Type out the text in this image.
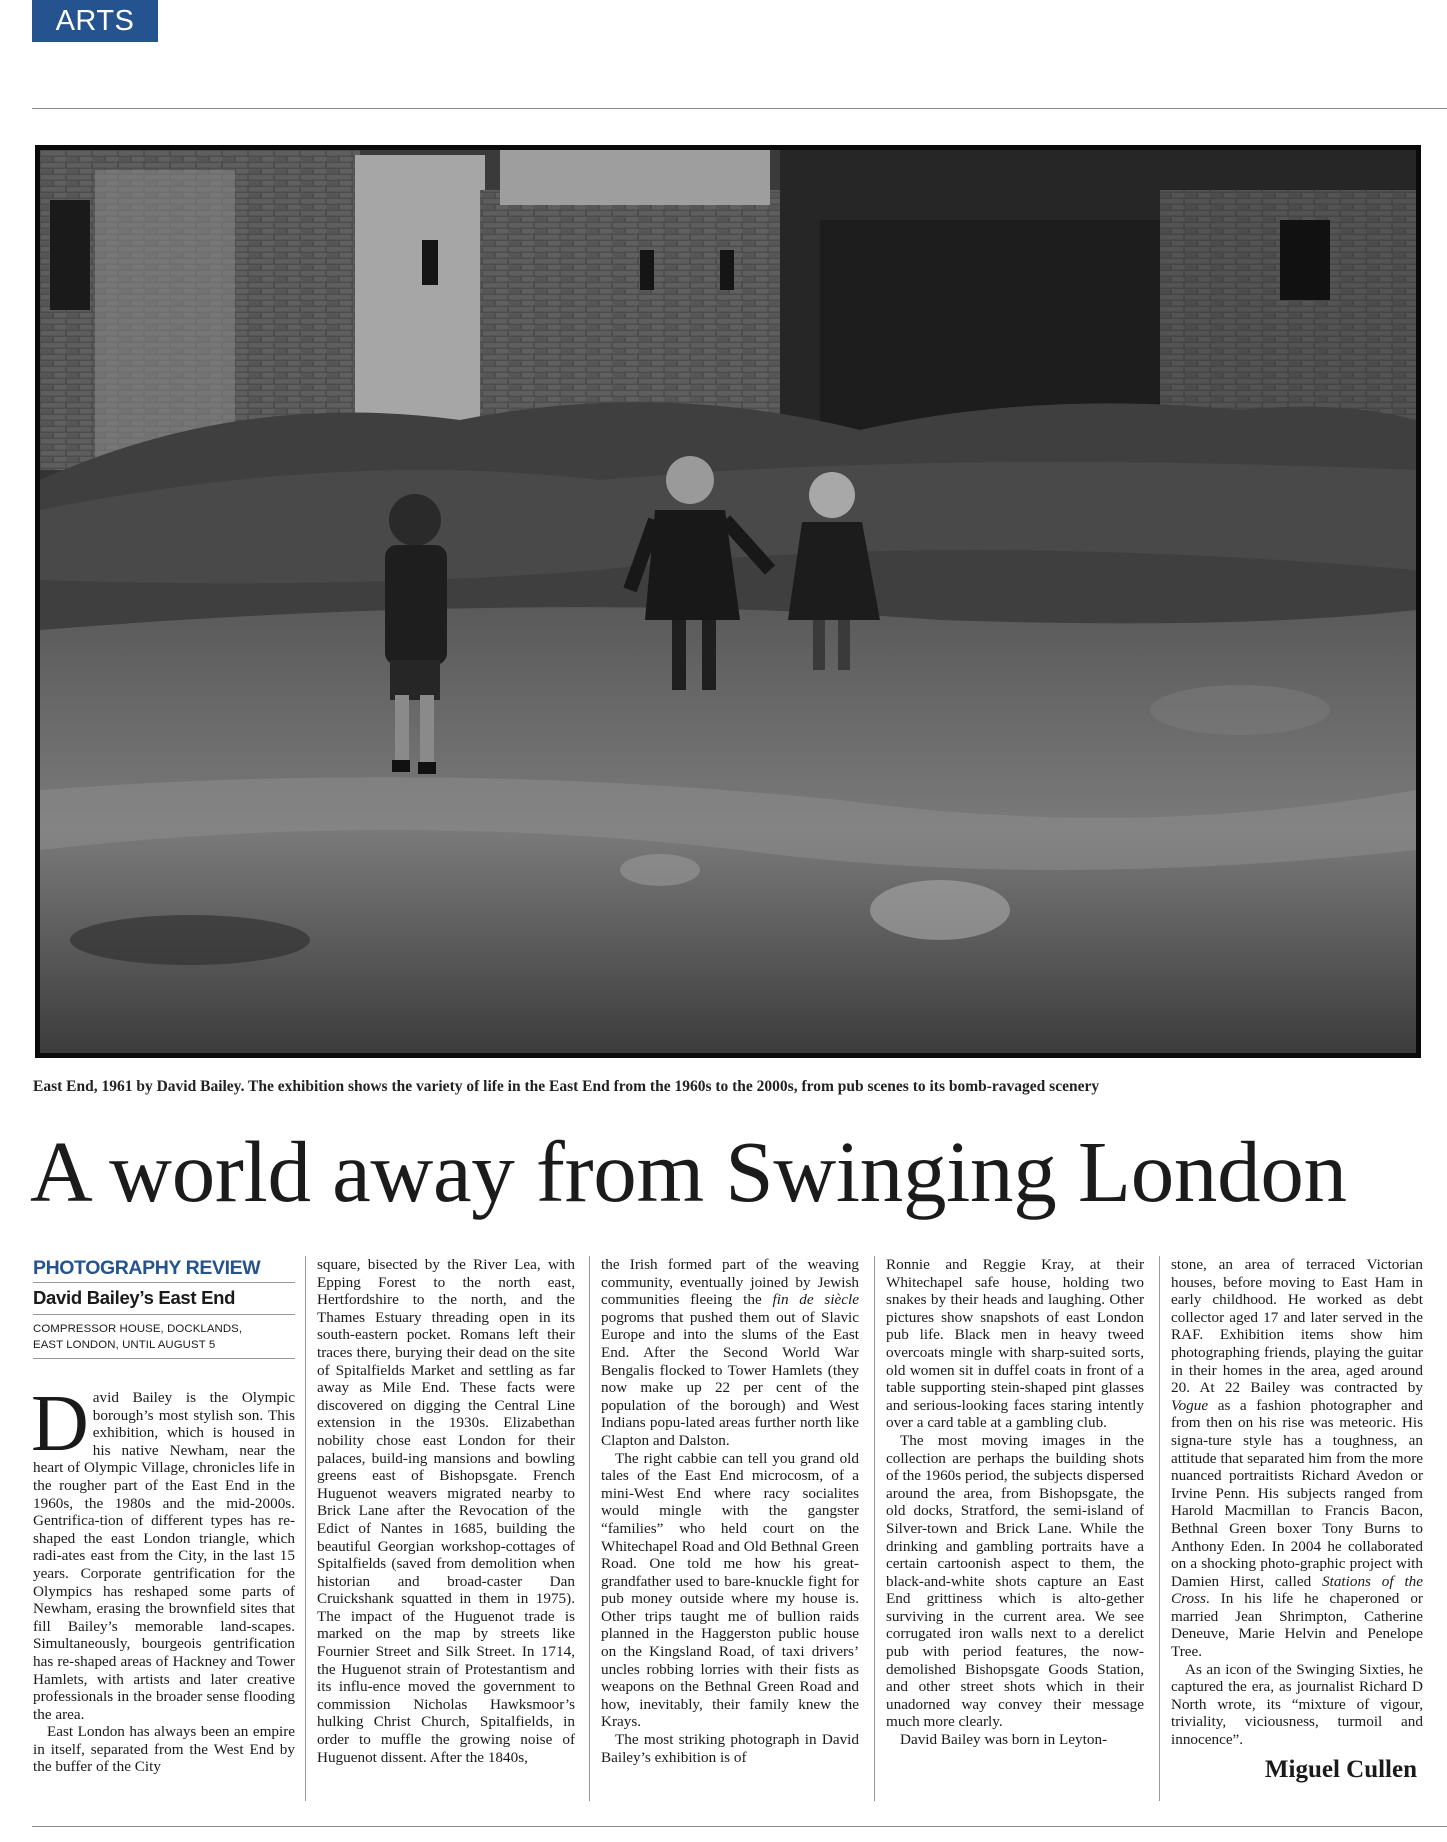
ARTS
East End, 1961 by David Bailey. The exhibition shows the variety of life in the East End from the 1960s to the 2000s, from pub scenes to its bomb-ravaged scenery
A world away from Swinging London
PHOTOGRAPHY REVIEW
David Bailey’s East End
COMPRESSOR HOUSE, DOCKLANDS,
EAST LONDON, UNTIL AUGUST 5

David Bailey is the Olympic borough’s most stylish son. This exhibition, which is housed in his native Newham, near the heart of Olympic Village, chronicles life in the rougher part of the East End in the 1960s, the 1980s and the mid-2000s. Gentrifica-tion of different types has re-shaped the east London triangle, which radi-ates east from the City, in the last 15 years. Corporate gentrification for the Olympics has reshaped some parts of Newham, erasing the brownfield sites that fill Bailey’s memorable land-scapes. Simultaneously, bourgeois gentrification has re-shaped areas of Hackney and Tower Hamlets, with artists and later creative professionals in the broader sense flooding the area.

East London has always been an empire in itself, separated from the West End by the buffer of the City

square, bisected by the River Lea, with Epping Forest to the north east, Hertfordshire to the north, and the Thames Estuary threading open in its south-eastern pocket. Romans left their traces there, burying their dead on the site of Spitalfields Market and settling as far away as Mile End. These facts were discovered on digging the Central Line extension in the 1930s. Elizabethan nobility chose east London for their palaces, build-ing mansions and bowling greens east of Bishopsgate. French Huguenot weavers migrated nearby to Brick Lane after the Revocation of the Edict of Nantes in 1685, building the beautiful Georgian workshop-cottages of Spitalfields (saved from demolition when historian and broad-caster Dan Cruickshank squatted in them in 1975). The impact of the Huguenot trade is marked on the map by streets like Fournier Street and Silk Street. In 1714, the Huguenot strain of Protestantism and its influ-ence moved the government to commission Nicholas Hawksmoor’s hulking Christ Church, Spitalfields, in order to muffle the growing noise of Huguenot dissent. After the 1840s,

the Irish formed part of the weaving community, eventually joined by Jewish communities fleeing the fin de siècle pogroms that pushed them out of Slavic Europe and into the slums of the East End. After the Second World War Bengalis flocked to Tower Hamlets (they now make up 22 per cent of the population of the borough) and West Indians popu-lated areas further north like Clapton and Dalston.

The right cabbie can tell you grand old tales of the East End microcosm, of a mini-West End where racy socialites would mingle with the gangster “families” who held court on the Whitechapel Road and Old Bethnal Green Road. One told me how his great-grandfather used to bare-knuckle fight for pub money outside where my house is. Other trips taught me of bullion raids planned in the Haggerston public house on the Kingsland Road, of taxi drivers’ uncles robbing lorries with their fists as weapons on the Bethnal Green Road and how, inevitably, their family knew the Krays.

The most striking photograph in David Bailey’s exhibition is of

Ronnie and Reggie Kray, at their Whitechapel safe house, holding two snakes by their heads and laughing. Other pictures show snapshots of east London pub life. Black men in heavy tweed overcoats mingle with sharp-suited sorts, old women sit in duffel coats in front of a table supporting stein-shaped pint glasses and serious-looking faces staring intently over a card table at a gambling club.

The most moving images in the collection are perhaps the building shots of the 1960s period, the subjects dispersed around the area, from Bishopsgate, the old docks, Stratford, the semi-island of Silver-town and Brick Lane. While the drinking and gambling portraits have a certain cartoonish aspect to them, the black-and-white shots capture an East End grittiness which is alto-gether surviving in the current area. We see corrugated iron walls next to a derelict pub with period features, the now-demolished Bishopsgate Goods Station, and other street shots which in their unadorned way convey their message much more clearly.

David Bailey was born in Leyton-

stone, an area of terraced Victorian houses, before moving to East Ham in early childhood. He worked as debt collector aged 17 and later served in the RAF. Exhibition items show him photographing friends, playing the guitar in their homes in the area, aged around 20. At 22 Bailey was contracted by Vogue as a fashion photographer and from then on his rise was meteoric. His signa-ture style has a toughness, an attitude that separated him from the more nuanced portraitists Richard Avedon or Irvine Penn. His subjects ranged from Harold Macmillan to Francis Bacon, Bethnal Green boxer Tony Burns to Anthony Eden. In 2004 he collaborated on a shocking photo-graphic project with Damien Hirst, called Stations of the Cross. In his life he chaperoned or married Jean Shrimpton, Catherine Deneuve, Marie Helvin and Penelope Tree.

As an icon of the Swinging Sixties, he captured the era, as journalist Richard D North wrote, its “mixture of vigour, triviality, viciousness, turmoil and innocence”.

Miguel Cullen
